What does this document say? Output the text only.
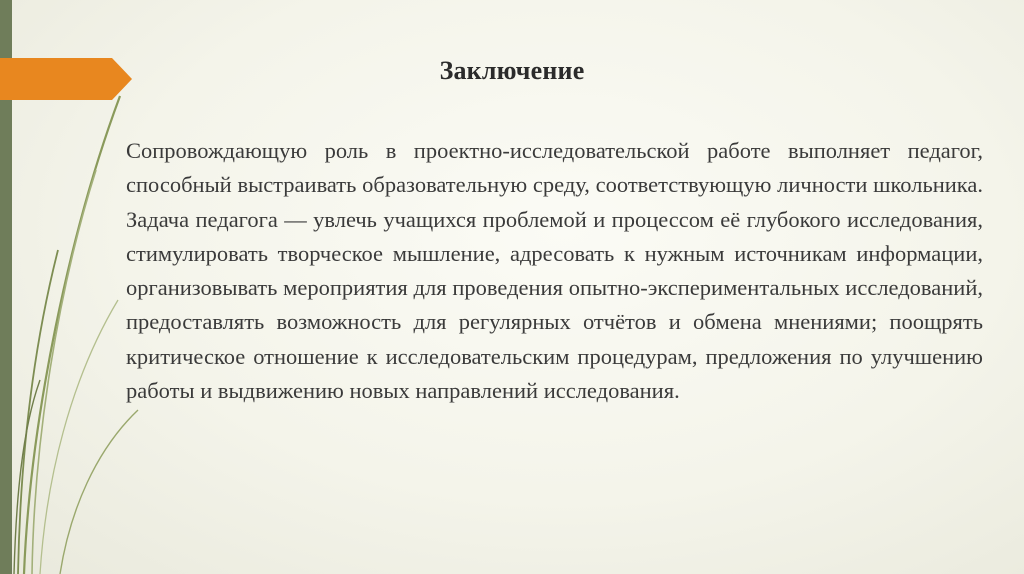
Заключение

Сопровождающую роль в проектно-исследовательской работе выполняет педагог, способный выстраивать образовательную среду, соответствующую личности школьника. Задача педагога — увлечь учащихся проблемой и процессом её глубокого исследования, стимулировать творческое мышление, адресовать к нужным источникам информации, организовывать мероприятия для проведения опытно-экспериментальных исследований, предоставлять возможность для регулярных отчётов и обмена мнениями; поощрять критическое отношение к исследовательским процедурам, предложения по улучшению работы и выдвижению новых направлений исследования.
